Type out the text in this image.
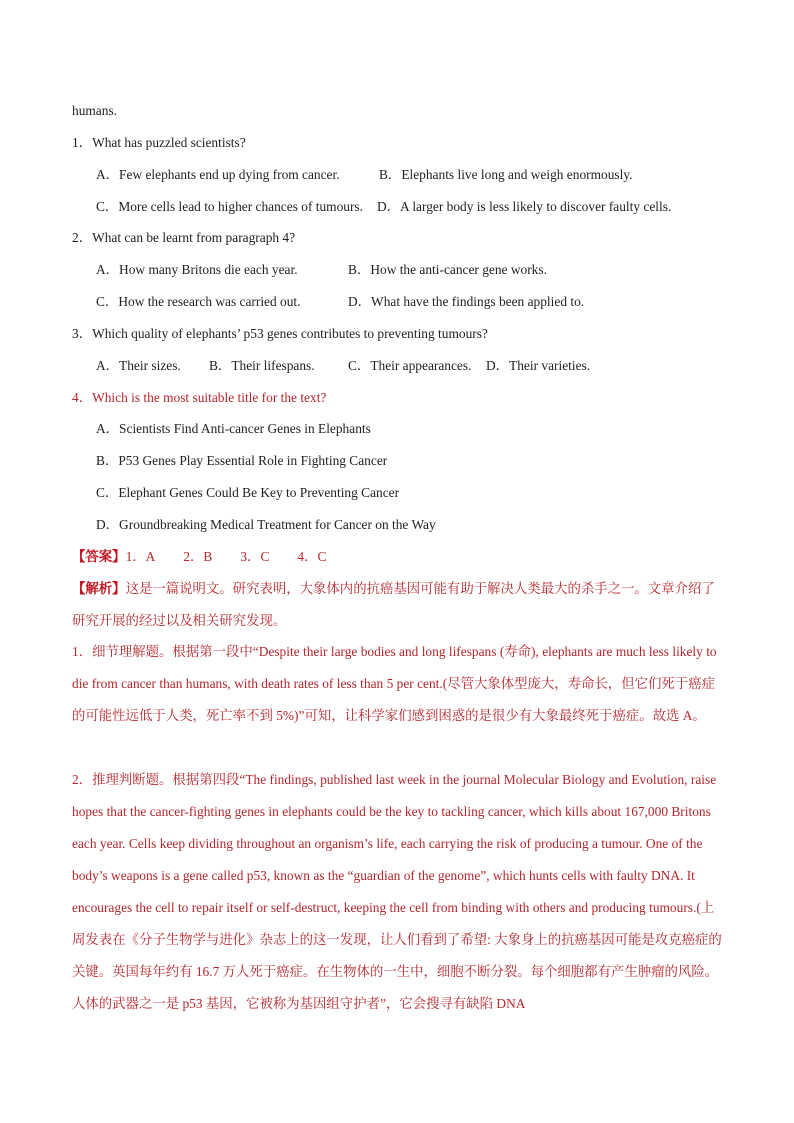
humans.
1．What has puzzled scientists?
A．Few elephants end up dying from cancer.	B．Elephants live long and weigh enormously.
C．More cells lead to higher chances of tumours. D．A larger body is less likely to discover faulty cells.
2．What can be learnt from paragraph 4?
A．How many Britons die each year.	B．How the anti-cancer gene works.
C．How the research was carried out.	D．What have the findings been applied to.
3．Which quality of elephants’ p53 genes contributes to preventing tumours?
A．Their sizes. B．Their lifespans. C．Their appearances. D．Their varieties.
4．Which is the most suitable title for the text?
A．Scientists Find Anti-cancer Genes in Elephants
B．P53 Genes Play Essential Role in Fighting Cancer
C．Elephant Genes Could Be Key to Preventing Cancer
D．Groundbreaking Medical Treatment for Cancer on the Way
【答案】1．A 2．B 3．C 4．C
【解析】这是一篇说明文。研究表明，大象体内的抗癌基因可能有助于解决人类最大的杀手之一。文章介绍了研究开展的经过以及相关研究发现。
1．细节理解题。根据第一段中“Despite their large bodies and long lifespans (寿命), elephants are much less likely to die from cancer than humans, with death rates of less than 5 per cent.(尽管大象体型庞大，寿命长，但它们死于癌症的可能性远低于人类，死亡率不到 5%)”可知，让科学家们感到困惑的是很少有大象最终死于癌症。故选 A。
2．推理判断题。根据第四段“The findings, published last week in the journal Molecular Biology and Evolution, raise hopes that the cancer-fighting genes in elephants could be the key to tackling cancer, which kills about 167,000 Britons each year. Cells keep dividing throughout an organism’s life, each carrying the risk of producing a tumour. One of the body’s weapons is a gene called p53, known as the “guardian of the genome”, which hunts cells with faulty DNA. It encourages the cell to repair itself or self-destruct, keeping the cell from binding with others and producing tumours.(上周发表在《分子生物学与进化》杂志上的这一发现，让人们看到了希望: 大象身上的抗癌基因可能是攻克癌症的关键。英国每年约有 16.7 万人死于癌症。在生物体的一生中，细胞不断分裂。每个细胞都有产生肿瘤的风险。人体的武器之一是 p53 基因，它被称为基因组守护者”，它会搜寻有缺陷 DNA
